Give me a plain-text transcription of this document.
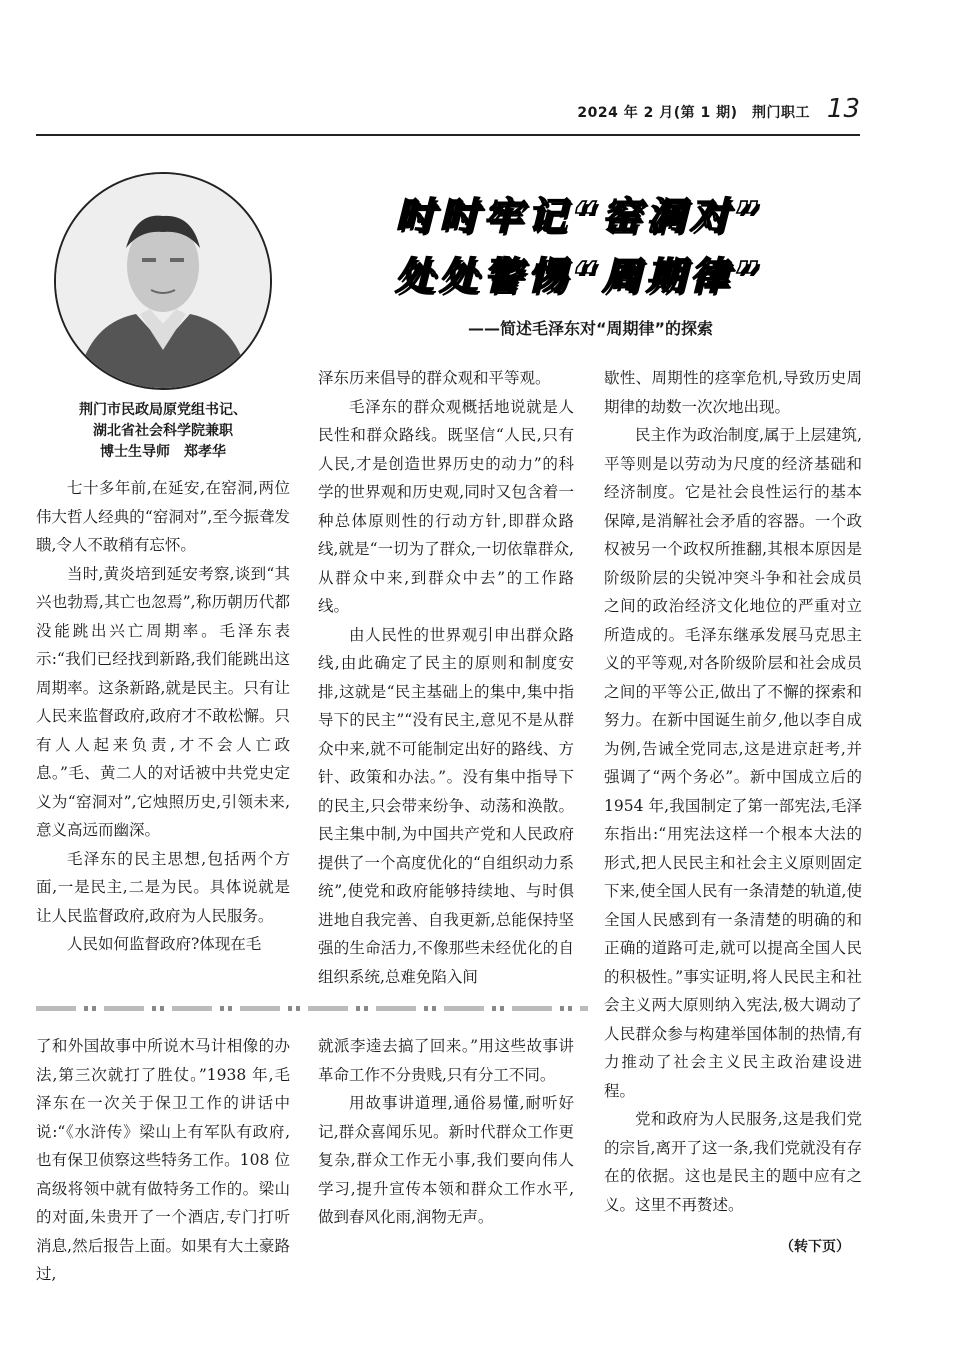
2024 年 2 月(第 1 期)　荆门职工 13
荆门市民政局原党组书记、
湖北省社会科学院兼职
博士生导师　郑孝华
时时牢记“窑洞对”
处处警惕“周期律”
——简述毛泽东对“周期律”的探索

七十多年前,在延安,在窑洞,两位伟大哲人经典的“窑洞对”,至今振聋发聩,令人不敢稍有忘怀。

当时,黄炎培到延安考察,谈到“其兴也勃焉,其亡也忽焉”,称历朝历代都没能跳出兴亡周期率。毛泽东表示:“我们已经找到新路,我们能跳出这周期率。这条新路,就是民主。只有让人民来监督政府,政府才不敢松懈。只有人人起来负责,才不会人亡政息。”毛、黄二人的对话被中共党史定义为“窑洞对”,它烛照历史,引领未来,意义高远而幽深。

毛泽东的民主思想,包括两个方面,一是民主,二是为民。具体说就是让人民监督政府,政府为人民服务。

人民如何监督政府?体现在毛

泽东历来倡导的群众观和平等观。

毛泽东的群众观概括地说就是人民性和群众路线。既坚信“人民,只有人民,才是创造世界历史的动力”的科学的世界观和历史观,同时又包含着一种总体原则性的行动方针,即群众路线,就是“一切为了群众,一切依靠群众,从群众中来,到群众中去”的工作路线。

由人民性的世界观引申出群众路线,由此确定了民主的原则和制度安排,这就是“民主基础上的集中,集中指导下的民主”“没有民主,意见不是从群众中来,就不可能制定出好的路线、方针、政策和办法。”。没有集中指导下的民主,只会带来纷争、动荡和涣散。民主集中制,为中国共产党和人民政府提供了一个高度优化的“自组织动力系统”,使党和政府能够持续地、与时俱进地自我完善、自我更新,总能保持坚强的生命活力,不像那些未经优化的自组织系统,总难免陷入间

歇性、周期性的痉挛危机,导致历史周期律的劫数一次次地出现。

民主作为政治制度,属于上层建筑,平等则是以劳动为尺度的经济基础和经济制度。它是社会良性运行的基本保障,是消解社会矛盾的容器。一个政权被另一个政权所推翻,其根本原因是阶级阶层的尖锐冲突斗争和社会成员之间的政治经济文化地位的严重对立所造成的。毛泽东继承发展马克思主义的平等观,对各阶级阶层和社会成员之间的平等公正,做出了不懈的探索和努力。在新中国诞生前夕,他以李自成为例,告诫全党同志,这是进京赶考,并强调了“两个务必”。新中国成立后的 1954 年,我国制定了第一部宪法,毛泽东指出:“用宪法这样一个根本大法的形式,把人民民主和社会主义原则固定下来,使全国人民有一条清楚的轨道,使全国人民感到有一条清楚的明确的和正确的道路可走,就可以提高全国人民的积极性。”事实证明,将人民民主和社会主义两大原则纳入宪法,极大调动了人民群众参与构建举国体制的热情,有力推动了社会主义民主政治建设进程。

党和政府为人民服务,这是我们党的宗旨,离开了这一条,我们党就没有存在的依据。这也是民主的题中应有之义。这里不再赘述。

了和外国故事中所说木马计相像的办法,第三次就打了胜仗。”1938 年,毛泽东在一次关于保卫工作的讲话中说:“《水浒传》梁山上有军队有政府,也有保卫侦察这些特务工作。108 位高级将领中就有做特务工作的。梁山的对面,朱贵开了一个酒店,专门打听消息,然后报告上面。如果有大土豪路过,

就派李逵去搞了回来。”用这些故事讲革命工作不分贵贱,只有分工不同。

用故事讲道理,通俗易懂,耐听好记,群众喜闻乐见。新时代群众工作更复杂,群众工作无小事,我们要向伟人学习,提升宣传本领和群众工作水平,做到春风化雨,润物无声。

（转下页）
